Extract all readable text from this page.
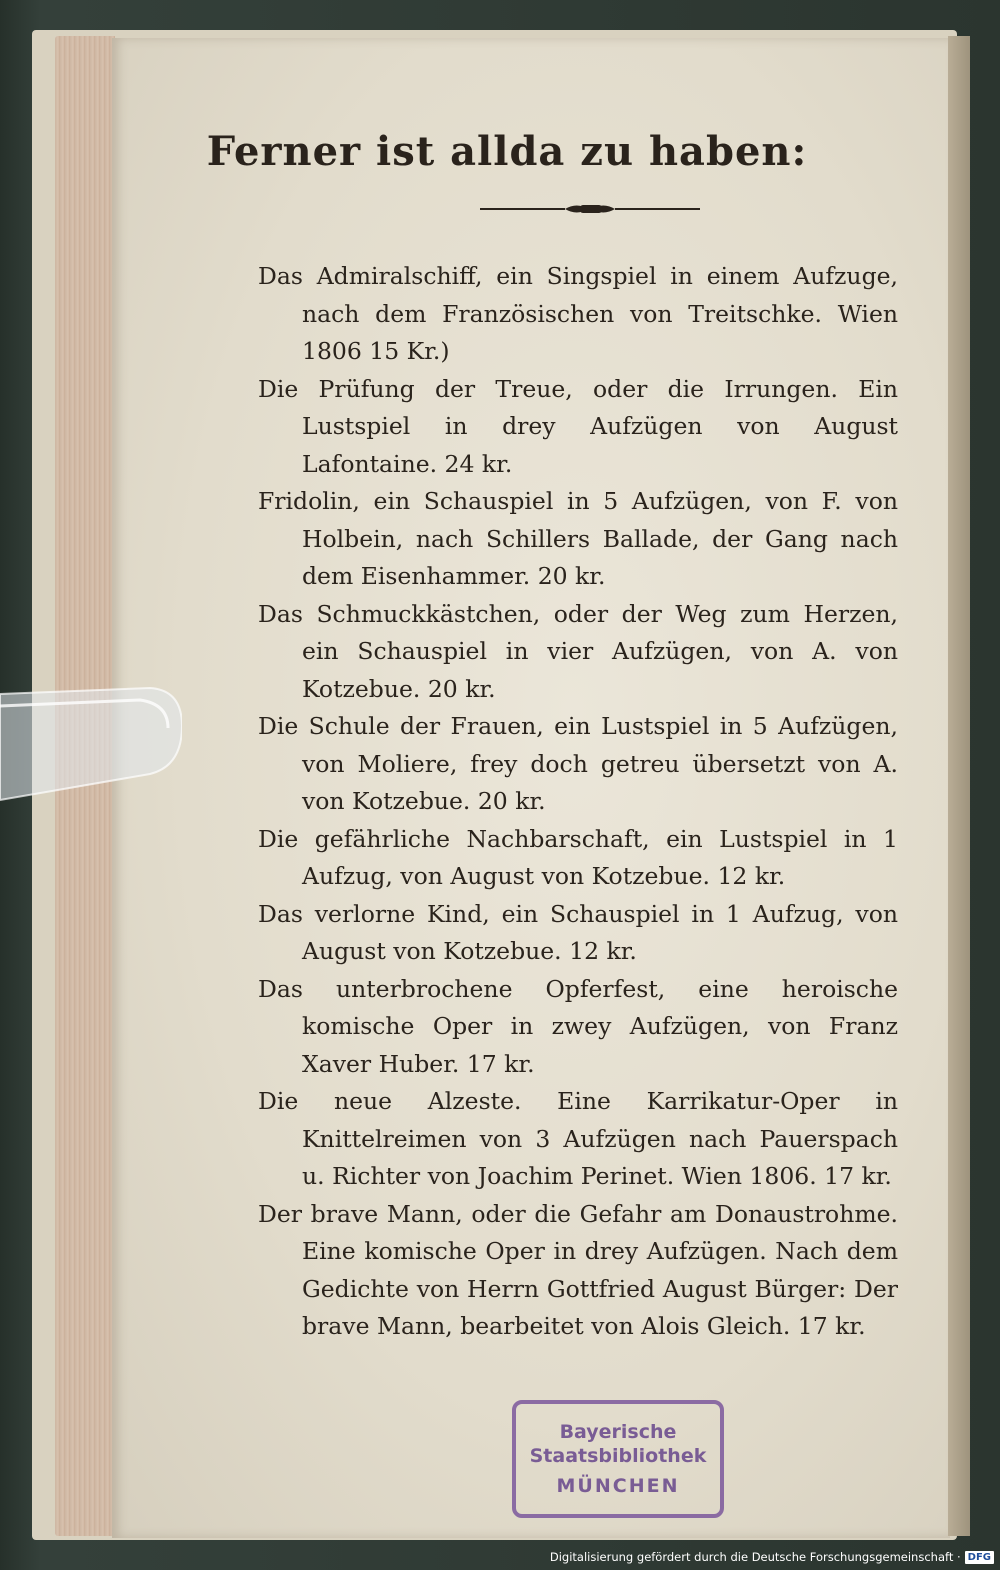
Ferner ist allda zu haben:
Das Admiralschiff, ein Singspiel in einem Aufzuge, nach dem Französischen von Treitschke. Wien 1806 15 Kr.)
Die Prüfung der Treue, oder die Irrungen. Ein Lustspiel in drey Aufzügen von August Lafontaine. 24 kr.
Fridolin, ein Schauspiel in 5 Aufzügen, von F. von Holbein, nach Schillers Ballade, der Gang nach dem Eisenhammer. 20 kr.
Das Schmuckkästchen, oder der Weg zum Herzen, ein Schauspiel in vier Aufzügen, von A. von Kotzebue. 20 kr.
Die Schule der Frauen, ein Lustspiel in 5 Aufzügen, von Moliere, frey doch getreu übersetzt von A. von Kotzebue. 20 kr.
Die gefährliche Nachbarschaft, ein Lustspiel in 1 Aufzug, von August von Kotzebue. 12 kr.
Das verlorne Kind, ein Schauspiel in 1 Aufzug, von August von Kotzebue. 12 kr.
Das unterbrochene Opferfest, eine heroische komische Oper in zwey Aufzügen, von Franz Xaver Huber. 17 kr.
Die neue Alzeste. Eine Karrikatur-Oper in Knittelreimen von 3 Aufzügen nach Pauerspach u. Richter von Joachim Perinet. Wien 1806. 17 kr.
Der brave Mann, oder die Gefahr am Donaustrohme. Eine komische Oper in drey Aufzügen. Nach dem Gedichte von Herrn Gottfried August Bürger: Der brave Mann, bearbeitet von Alois Gleich. 17 kr.
Bayerische
Staatsbibliothek
MÜNCHEN
Digitalisierung gefördert durch die Deutsche Forschungsgemeinschaft · DFG
